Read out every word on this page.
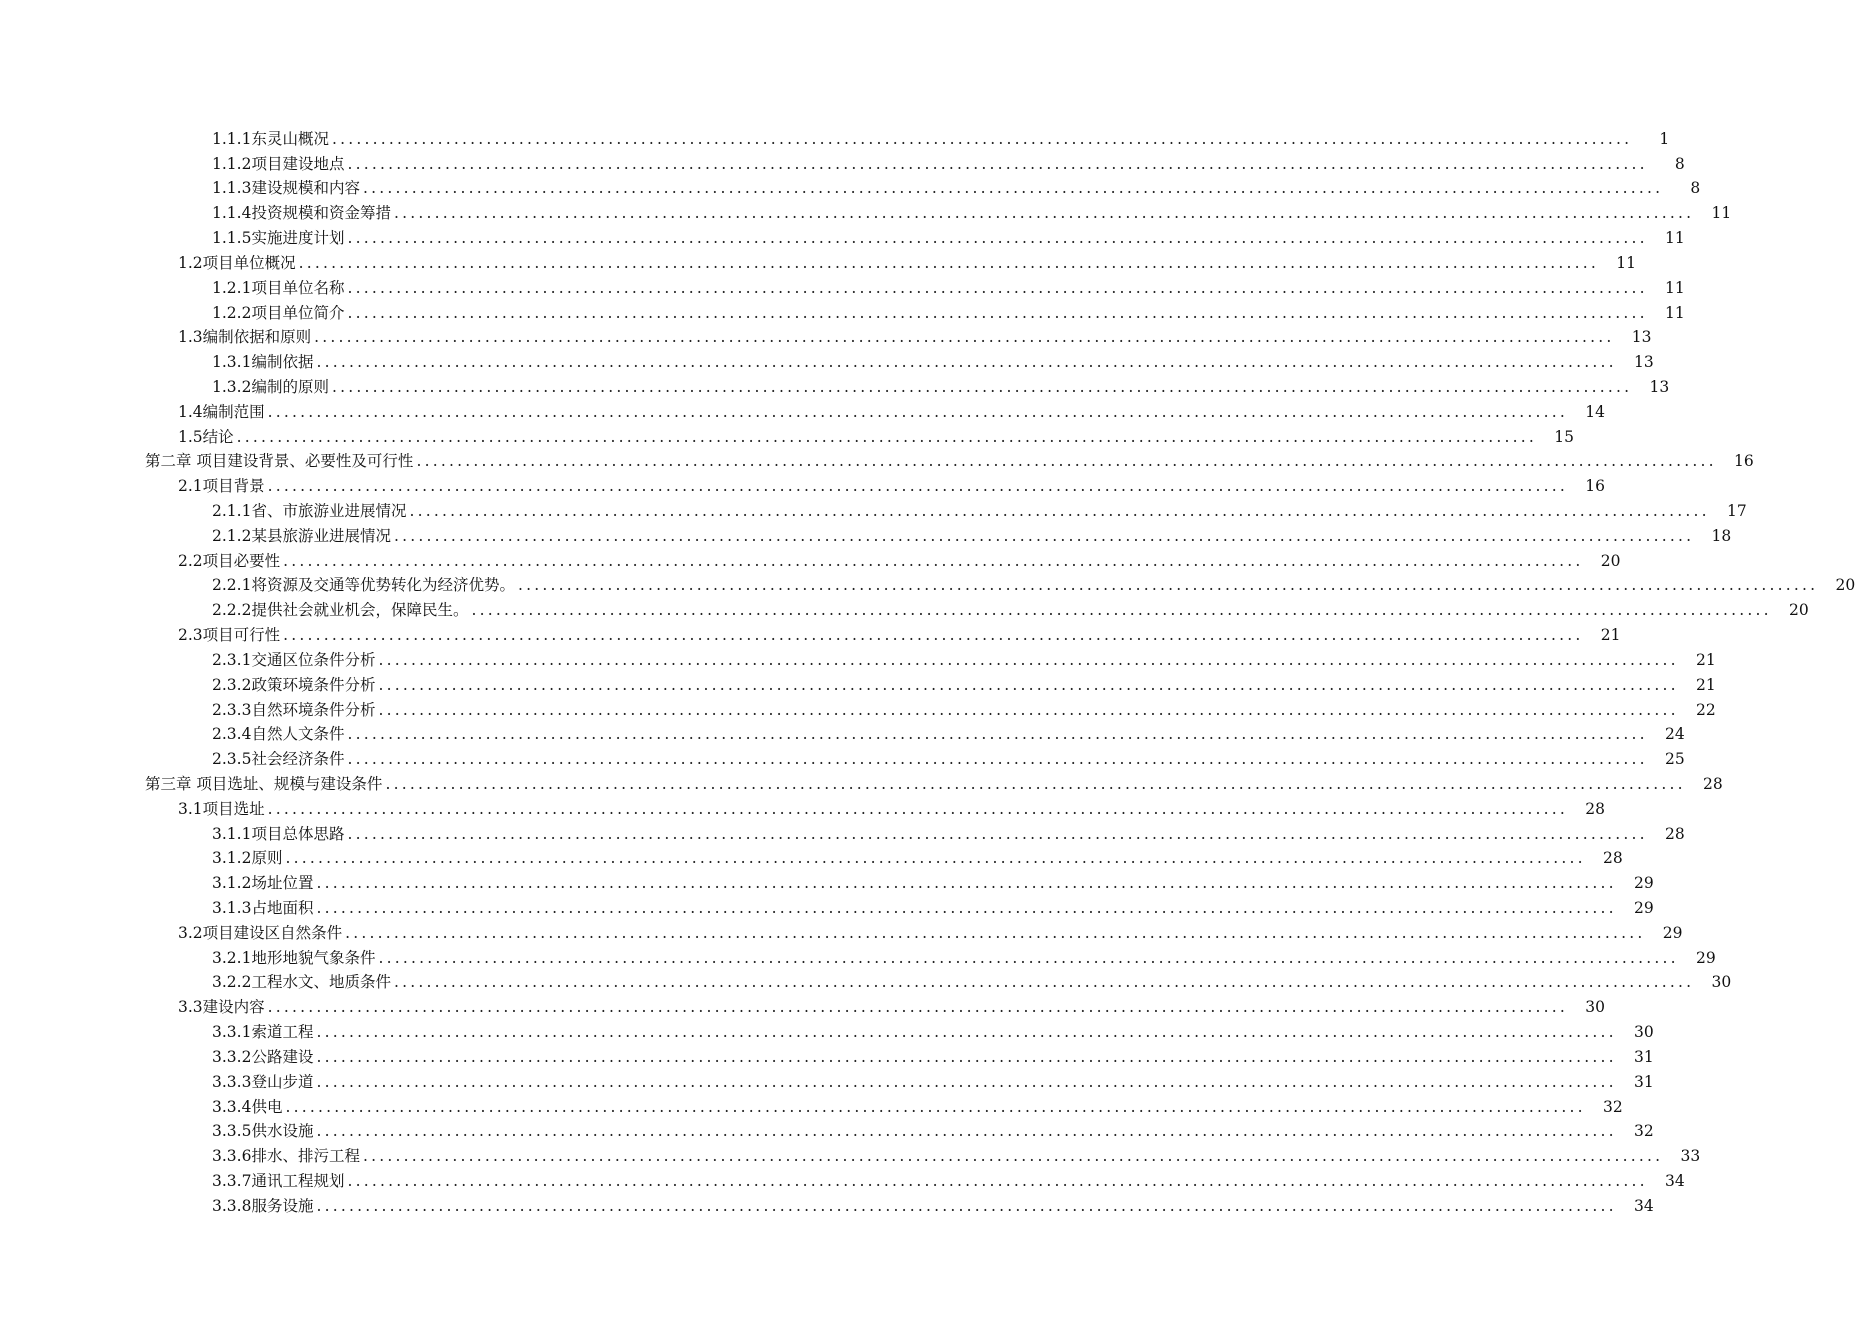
1.1.1东灵山概况 ................................................................................................................................................................	1
1.1.2项目建设地点 ................................................................................................................................................................	8
1.1.3建设规模和内容 ................................................................................................................................................................	8
1.1.4投资规模和资金筹措 ................................................................................................................................................................	11
1.1.5实施进度计划 ................................................................................................................................................................	11
1.2项目单位概况 ................................................................................................................................................................	11
1.2.1项目单位名称 ................................................................................................................................................................	11
1.2.2项目单位简介 ................................................................................................................................................................	11
1.3编制依据和原则 ................................................................................................................................................................	13
1.3.1编制依据 ................................................................................................................................................................	13
1.3.2编制的原则 ................................................................................................................................................................	13
1.4编制范围 ................................................................................................................................................................	14
1.5结论 ................................................................................................................................................................	15
第二章 项目建设背景、必要性及可行性 ................................................................................................................................................................	16
2.1项目背景 ................................................................................................................................................................	16
2.1.1省、市旅游业进展情况 ................................................................................................................................................................	17
2.1.2某县旅游业进展情况 ................................................................................................................................................................	18
2.2项目必要性 ................................................................................................................................................................	20
2.2.1将资源及交通等优势转化为经济优势。 ................................................................................................................................................................	20
2.2.2提供社会就业机会，保障民生。 ................................................................................................................................................................	20
2.3项目可行性 ................................................................................................................................................................	21
2.3.1交通区位条件分析 ................................................................................................................................................................	21
2.3.2政策环境条件分析 ................................................................................................................................................................	21
2.3.3自然环境条件分析 ................................................................................................................................................................	22
2.3.4自然人文条件 ................................................................................................................................................................	24
2.3.5社会经济条件 ................................................................................................................................................................	25
第三章 项目选址、规模与建设条件 ................................................................................................................................................................	28
3.1项目选址 ................................................................................................................................................................	28
3.1.1项目总体思路 ................................................................................................................................................................	28
3.1.2原则 ................................................................................................................................................................	28
3.1.2场址位置 ................................................................................................................................................................	29
3.1.3占地面积 ................................................................................................................................................................	29
3.2项目建设区自然条件 ................................................................................................................................................................	29
3.2.1地形地貌气象条件 ................................................................................................................................................................	29
3.2.2工程水文、地质条件 ................................................................................................................................................................	30
3.3建设内容 ................................................................................................................................................................	30
3.3.1索道工程 ................................................................................................................................................................	30
3.3.2公路建设 ................................................................................................................................................................	31
3.3.3登山步道 ................................................................................................................................................................	31
3.3.4供电 ................................................................................................................................................................	32
3.3.5供水设施 ................................................................................................................................................................	32
3.3.6排水、排污工程 ................................................................................................................................................................	33
3.3.7通讯工程规划 ................................................................................................................................................................	34
3.3.8服务设施 ................................................................................................................................................................	34
